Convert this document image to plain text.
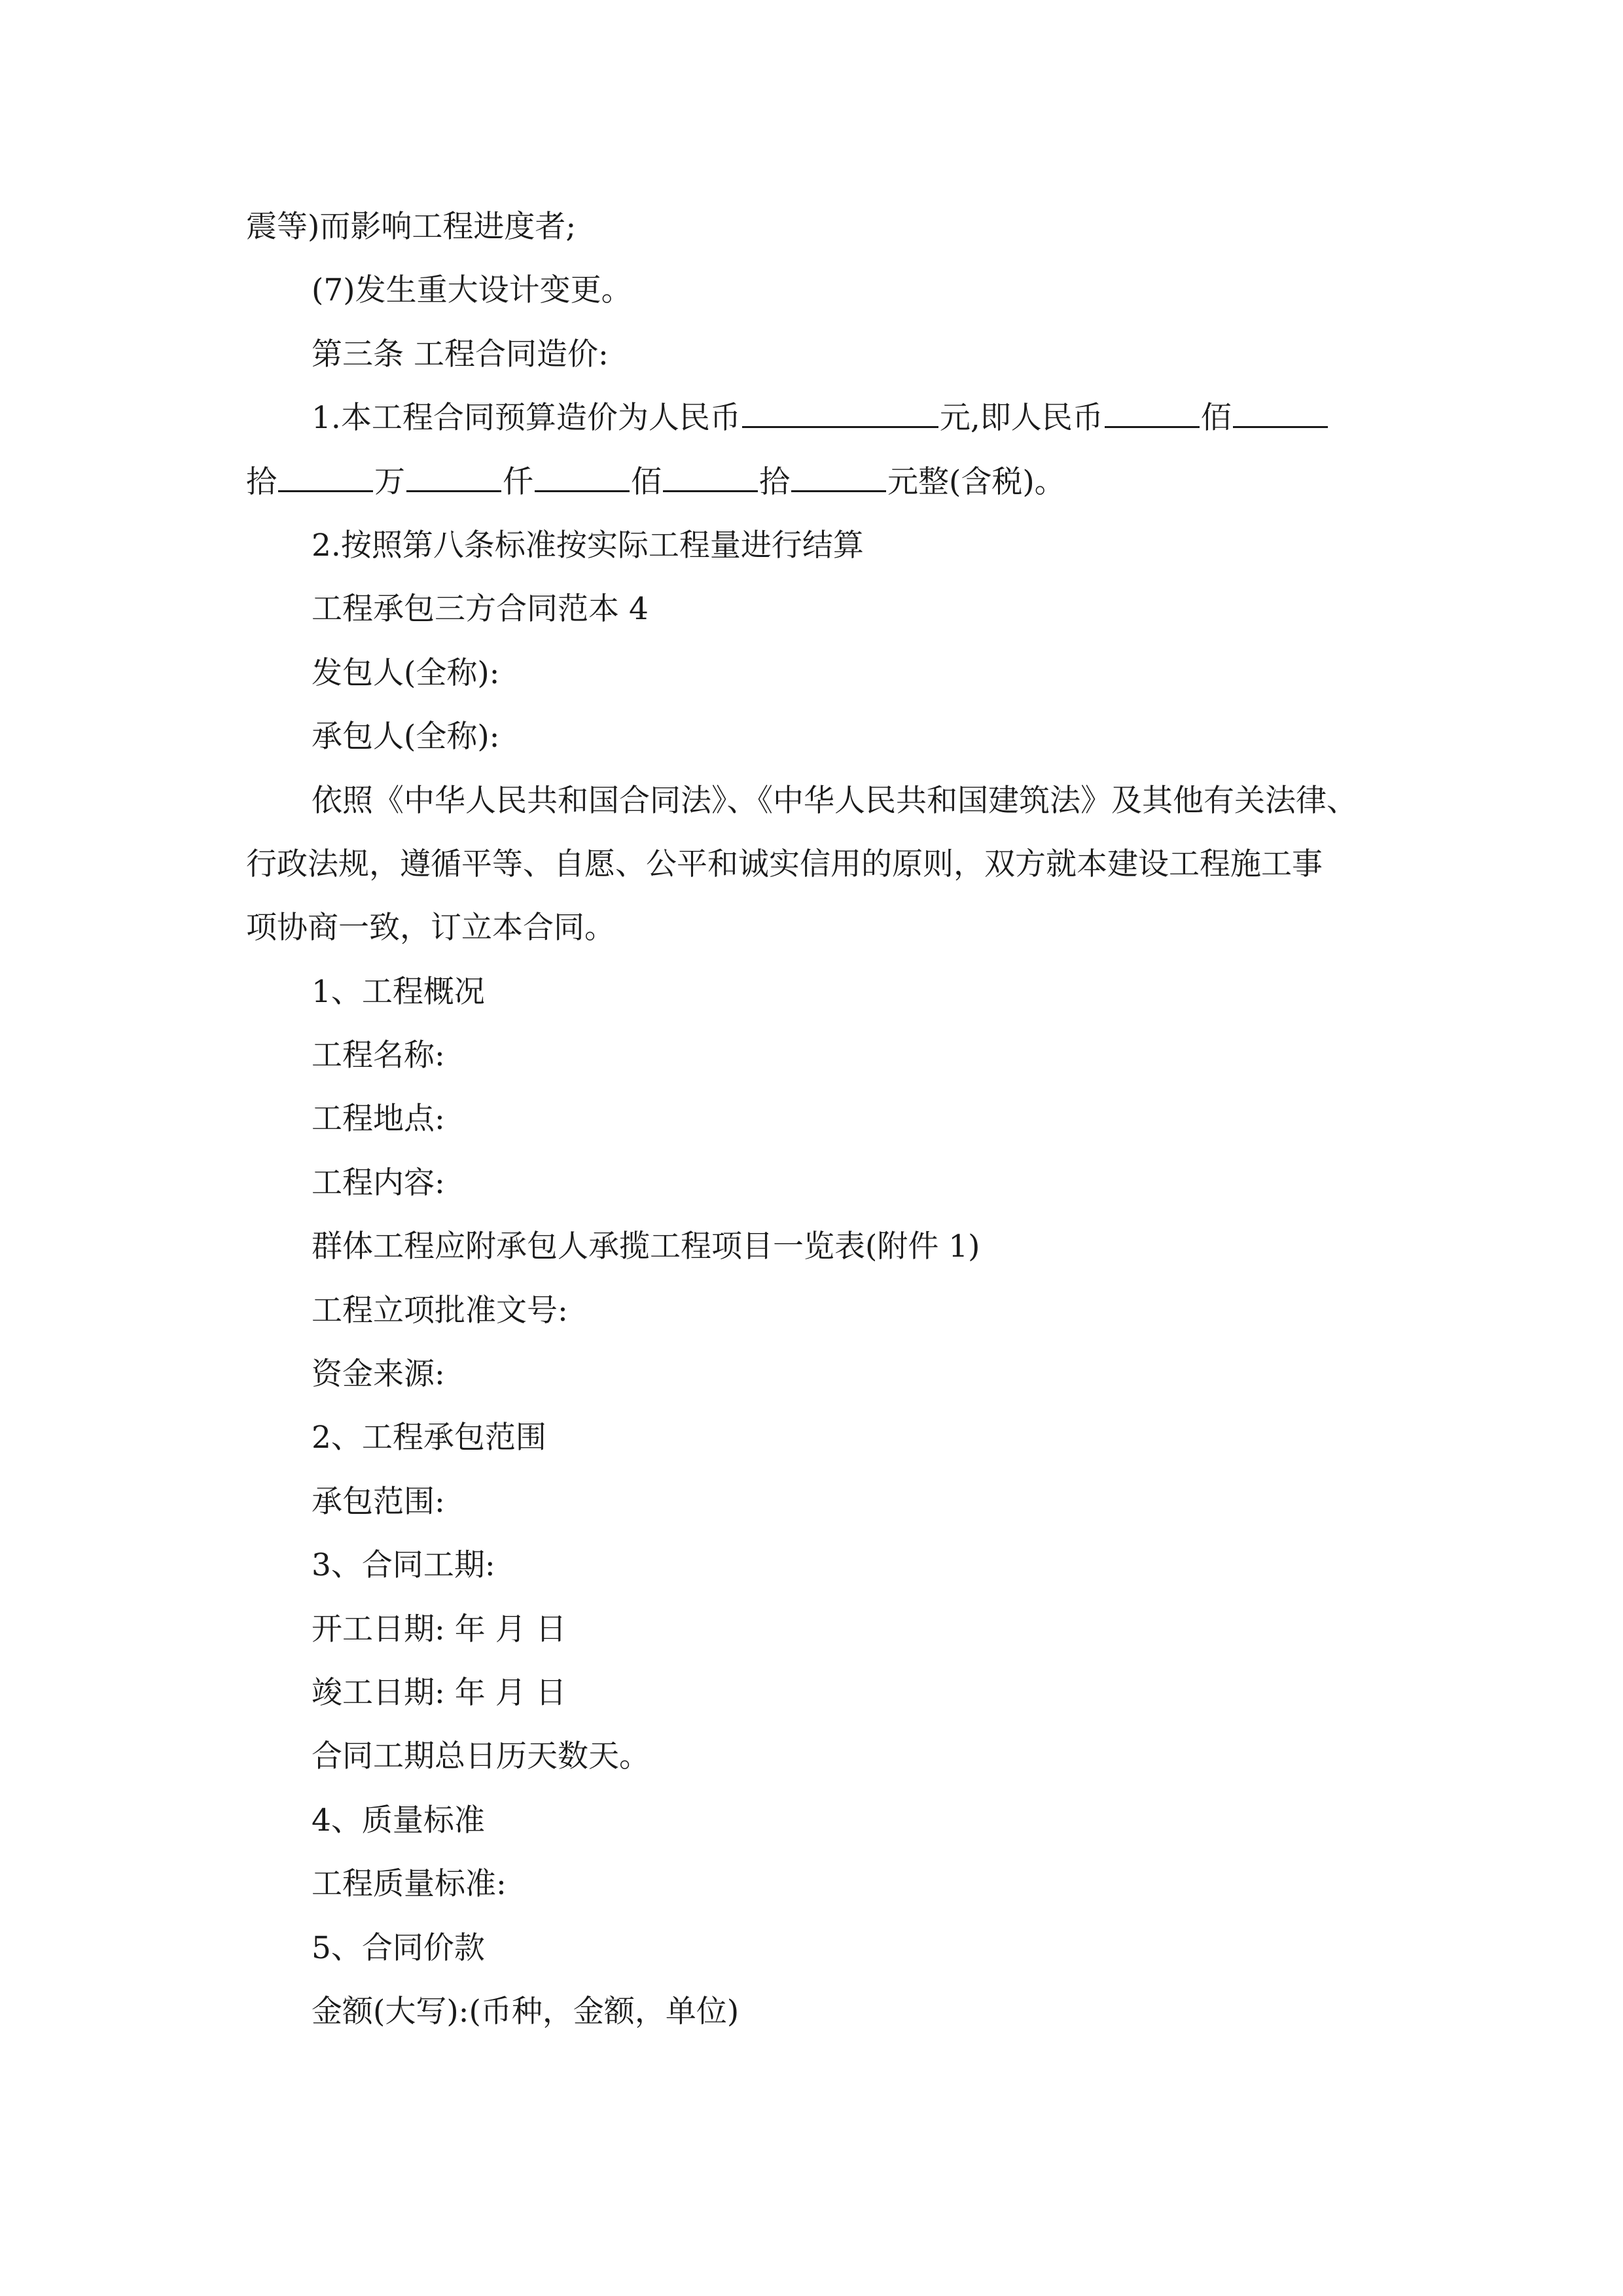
震等)而影响工程进度者;
(7)发生重大设计变更。
第三条 工程合同造价:
1.本工程合同预算造价为人民币	元,即人民币	佰
拾	万	仟	佰	拾	元整(含税)。
2.按照第八条标准按实际工程量进行结算
工程承包三方合同范本 4
发包人(全称):
承包人(全称):
依照《中华人民共和国合同法》、《中华人民共和国建筑法》及其他有关法律、
行政法规，遵循平等、自愿、公平和诚实信用的原则，双方就本建设工程施工事
项协商一致，订立本合同。
1、工程概况
工程名称:
工程地点:
工程内容:
群体工程应附承包人承揽工程项目一览表(附件 1)
工程立项批准文号:
资金来源:
2、工程承包范围
承包范围:
3、合同工期:
开工日期: 年 月 日
竣工日期: 年 月 日
合同工期总日历天数天。
4、质量标准
工程质量标准:
5、合同价款
金额(大写):(币种，金额，单位)
